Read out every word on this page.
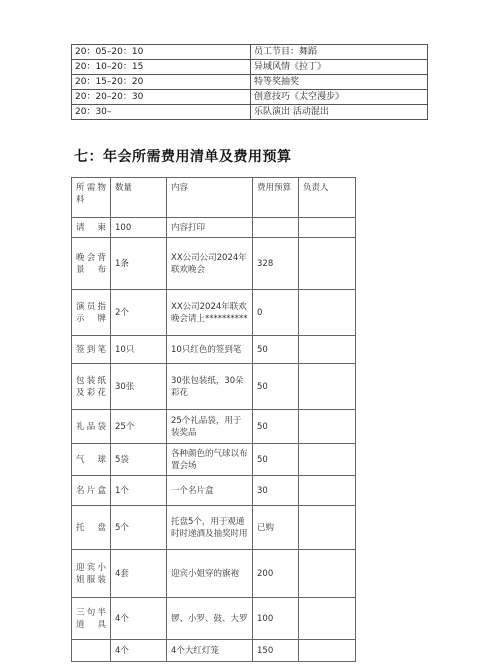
20：05–20：10	员工节目：舞蹈
20：10–20：15	异域风情《拉丁》
20：15–20：20	特等奖抽奖
20：20–20：30	创意技巧《太空漫步》
20：30–	乐队演出 活动混出
七：年会所需费用清单及费用预算
所需物料	数量	内容	费用预算	负责人
请柬	100	内容打印		
晚会背景布	1条	XX公司公司2024年联欢晚会	328	
演员指示牌	2个	XX公司2024年联欢晚会请上**********	0	
签到笔	10只	10只红色的签到笔	50	
包装纸及彩花	30张	30张包装纸，30朵彩花	50	
礼品袋	25个	25个礼品袋，用于装奖品	50	
气球	5袋	各种颜色的气球以布置会场	50	
名片盒	1个	一个名片盒	30	
托盘	5个	托盘5个，用于观通时时递酒及抽奖时用	已购	
迎宾小姐服装	4套	迎宾小姐穿的旗袍	200	
三句半道具	4个	锣、小罗、鼓、大罗	100	
	4个	4个大红灯笼	150	
